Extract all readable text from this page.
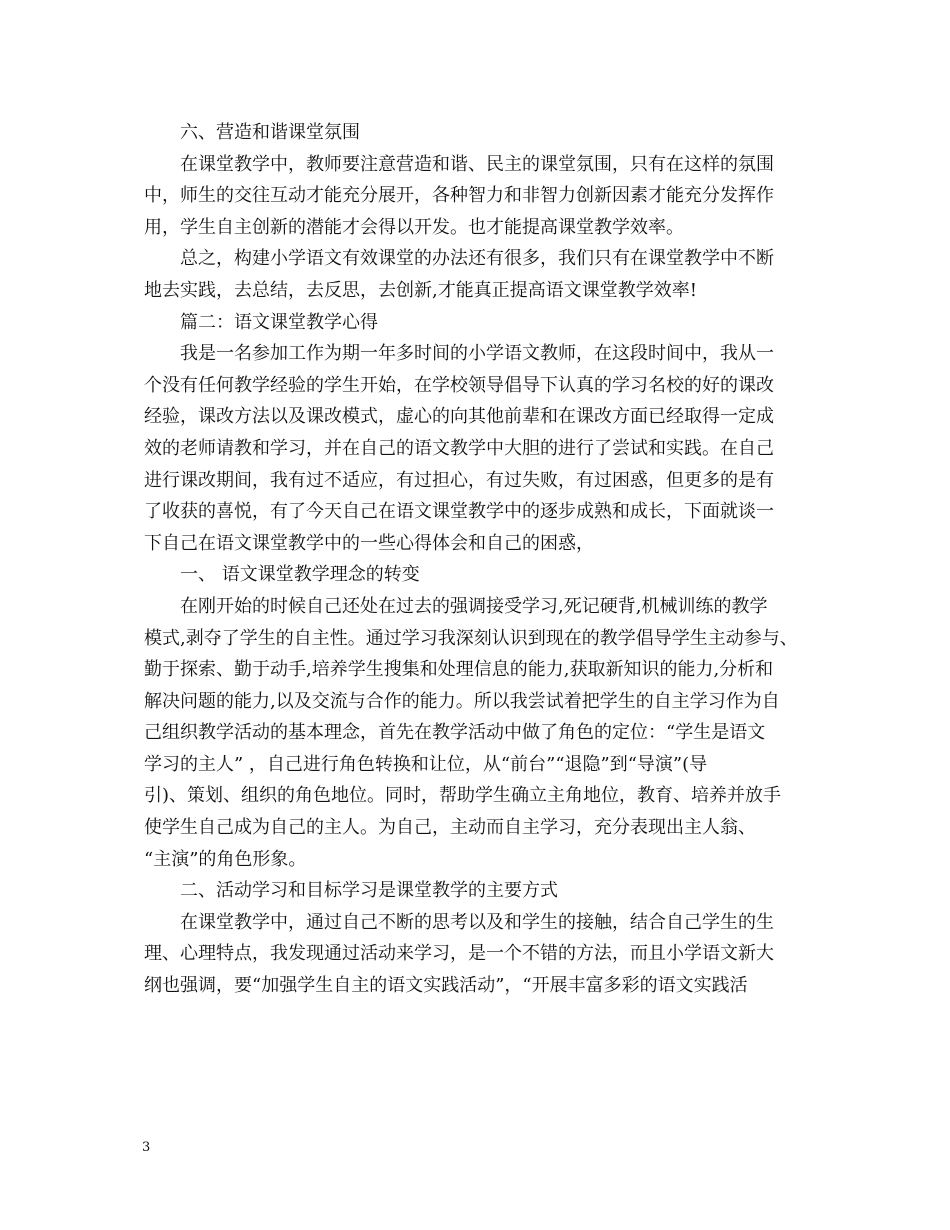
六、营造和谐课堂氛围

在课堂教学中，教师要注意营造和谐、民主的课堂氛围，只有在这样的氛围

中，师生的交往互动才能充分展开，各种智力和非智力创新因素才能充分发挥作

用，学生自主创新的潜能才会得以开发。也才能提高课堂教学效率。

总之，构建小学语文有效课堂的办法还有很多，我们只有在课堂教学中不断

地去实践，去总结，去反思，去创新,才能真正提高语文课堂教学效率!

篇二：语文课堂教学心得

我是一名参加工作为期一年多时间的小学语文教师，在这段时间中，我从一

个没有任何教学经验的学生开始，在学校领导倡导下认真的学习名校的好的课改

经验，课改方法以及课改模式，虚心的向其他前辈和在课改方面已经取得一定成

效的老师请教和学习，并在自己的语文教学中大胆的进行了尝试和实践。在自己

进行课改期间，我有过不适应，有过担心，有过失败，有过困惑，但更多的是有

了收获的喜悦，有了今天自己在语文课堂教学中的逐步成熟和成长，下面就谈一

下自己在语文课堂教学中的一些心得体会和自己的困惑，

一、 语文课堂教学理念的转变

在刚开始的时候自己还处在过去的强调接受学习,死记硬背,机械训练的教学

模式,剥夺了学生的自主性。通过学习我深刻认识到现在的教学倡导学生主动参与、

勤于探索、勤于动手,培养学生搜集和处理信息的能力,获取新知识的能力,分析和

解决问题的能力,以及交流与合作的能力。所以我尝试着把学生的自主学习作为自

己组织教学活动的基本理念，首先在教学活动中做了角色的定位：“学生是语文

学习的主人” ，自己进行角色转换和让位，从“前台”“退隐”到“导演”(导

引)、策划、组织的角色地位。同时，帮助学生确立主角地位，教育、培养并放手

使学生自己成为自己的主人。为自己，主动而自主学习，充分表现出主人翁、

“主演”的角色形象。

二、活动学习和目标学习是课堂教学的主要方式

在课堂教学中，通过自己不断的思考以及和学生的接触，结合自己学生的生

理、心理特点，我发现通过活动来学习，是一个不错的方法，而且小学语文新大

纲也强调，要“加强学生自主的语文实践活动”，“开展丰富多彩的语文实践活

3
